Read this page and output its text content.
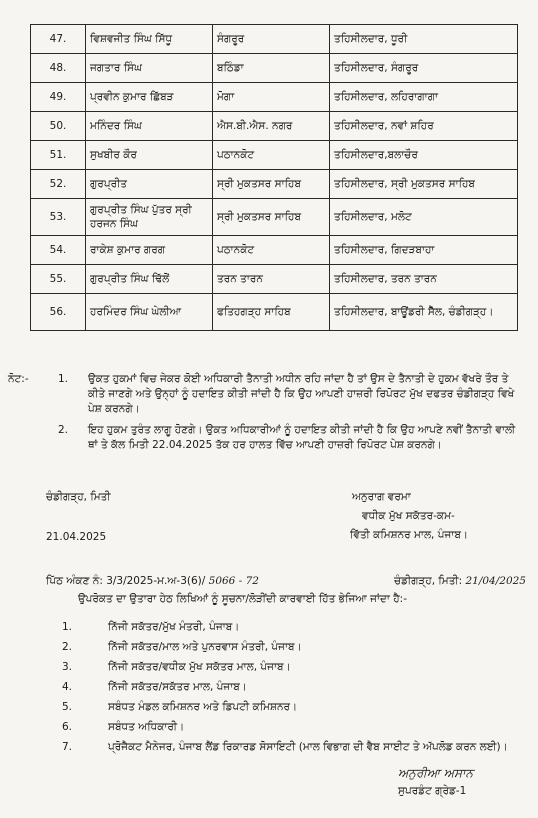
47.	ਵਿਸ਼ਵਜੀਤ ਸਿੰਘ ਸਿੱਧੂ	ਸੰਗਰੂਰ	ਤਹਿਸੀਲਦਾਰ, ਧੂਰੀ
48.	ਜਗਤਾਰ ਸਿੰਘ	ਬਠਿੰਡਾ	ਤਹਿਸੀਲਦਾਰ, ਸੰਗਰੂਰ
49.	ਪ੍ਰਵੀਨ ਕੁਮਾਰ ਛਿੱਬੜ	ਮੋਗਾ	ਤਹਿਸੀਲਦਾਰ, ਲਹਿਰਾਗਾਗਾ
50.	ਮਨਿੰਦਰ ਸਿੰਘ	ਐਸ.ਬੀ.ਐਸ. ਨਗਰ	ਤਹਿਸੀਲਦਾਰ, ਨਵਾਂ ਸ਼ਹਿਰ
51.	ਸੁਖਬੀਰ ਕੌਰ	ਪਠਾਨਕੋਟ	ਤਹਿਸੀਲਦਾਰ,ਬਲਾਚੌਰ
52.	ਗੁਰਪ੍ਰੀਤ	ਸ੍ਰੀ ਮੁਕਤਸਰ ਸਾਹਿਬ	ਤਹਿਸੀਲਦਾਰ, ਸ੍ਰੀ ਮੁਕਤਸਰ ਸਾਹਿਬ
53.	ਗੁਰਪ੍ਰੀਤ ਸਿੰਘ ਪੁੱਤਰ ਸ੍ਰੀ ਹਰਜਨ ਸਿੰਘ	ਸ੍ਰੀ ਮੁਕਤਸਰ ਸਾਹਿਬ	ਤਹਿਸੀਲਦਾਰ, ਮਲੋਟ
54.	ਰਾਕੇਸ਼ ਕੁਮਾਰ ਗਰਗ	ਪਠਾਨਕੋਟ	ਤਹਿਸੀਲਦਾਰ, ਗਿਦੜਬਾਹਾ
55.	ਗੁਰਪ੍ਰੀਤ ਸਿੰਘ ਢਿੱਲੋਂ	ਤਰਨ ਤਾਰਨ	ਤਹਿਸੀਲਦਾਰ, ਤਰਨ ਤਾਰਨ
56.	ਹਰਮਿੰਦਰ ਸਿੰਘ ਘੇਲੀਆ	ਫਤਿਹਗੜ੍ਹ ਸਾਹਿਬ	ਤਹਿਸੀਲਦਾਰ, ਬਾਊਂਡਰੀ ਸੈੱਲ, ਚੰਡੀਗੜ੍ਹ।
ਨੋਟ:-	1.	ਉਕਤ ਹੁਕਮਾਂ ਵਿਚ ਜੇਕਰ ਕੋਈ ਅਧਿਕਾਰੀ ਤੈਨਾਤੀ ਅਧੀਨ ਰਹਿ ਜਾਂਦਾ ਹੈ ਤਾਂ ਉਸ ਦੇ ਤੈਨਾਤੀ ਦੇ ਹੁਕਮ ਵੱਖਰੇ ਤੌਰ ਤੇ ਕੀਤੇ ਜਾਣਗੇ ਅਤੇ ਉਨ੍ਹਾਂ ਨੂੰ ਹਦਾਇਤ ਕੀਤੀ ਜਾਂਦੀ ਹੈ ਕਿ ਉਹ ਆਪਣੀ ਹਾਜ਼ਰੀ ਰਿਪੋਰਟ ਮੁੱਖ ਦਫਤਰ ਚੰਡੀਗੜ੍ਹ ਵਿਖੇ ਪੇਸ਼ ਕਰਨਗੇ।
2.	ਇਹ ਹੁਕਮ ਤੁਰੰਤ ਲਾਗੂ ਹੋਣਗੇ। ਉਕਤ ਅਧਿਕਾਰੀਆਂ ਨੂੰ ਹਦਾਇਤ ਕੀਤੀ ਜਾਂਦੀ ਹੈ ਕਿ ਉਹ ਆਪਣੇ ਨਵੀਂ ਤੈਨਾਤੀ ਵਾਲੀ ਥਾਂ ਤੇ ਕੱਲ ਮਿਤੀ 22.04.2025 ਤੱਕ ਹਰ ਹਾਲਤ ਵਿੱਚ ਆਪਣੀ ਹਾਜ਼ਰੀ ਰਿਪੋਰਟ ਪੇਸ਼ ਕਰਨਗੇ।
ਚੰਡੀਗੜ੍ਹ, ਮਿਤੀ
21.04.2025
ਅਨੁਰਾਗ ਵਰਮਾ
ਵਧੀਕ ਮੁੱਖ ਸਕੱਤਰ-ਕਮ-
ਵਿੱਤੀ ਕਮਿਸ਼ਨਰ ਮਾਲ, ਪੰਜਾਬ।
ਪਿੱਠ ਅੰਕਣ ਨੰ: 3/3/2025-ਮ.ਅ-3(6)/ 5066 - 72	ਚੰਡੀਗੜ੍ਹ, ਮਿਤੀ: 21/04/2025
ਉਪਰੋਕਤ ਦਾ ਉਤਾਰਾ ਹੇਠ ਲਿਖਿਆਂ ਨੂੰ ਸੂਚਨਾ/ਲੋੜੀਂਦੀ ਕਾਰਵਾਈ ਹਿੱਤ ਭੇਜਿਆ ਜਾਂਦਾ ਹੈ:-
1.	ਨਿੱਜੀ ਸਕੱਤਰ/ਮੁੱਖ ਮੰਤਰੀ, ਪੰਜਾਬ।
2.	ਨਿੱਜੀ ਸਕੱਤਰ/ਮਾਲ ਅਤੇ ਪੁਨਰਵਾਸ ਮੰਤਰੀ, ਪੰਜਾਬ।
3.	ਨਿੱਜੀ ਸਕੱਤਰ/ਵਧੀਕ ਮੁੱਖ ਸਕੱਤਰ ਮਾਲ, ਪੰਜਾਬ।
4.	ਨਿੱਜੀ ਸਕੱਤਰ/ਸਕੱਤਰ ਮਾਲ, ਪੰਜਾਬ।
5.	ਸਬੰਧਤ ਮੰਡਲ ਕਮਿਸ਼ਨਰ ਅਤੇ ਡਿਪਟੀ ਕਮਿਸ਼ਨਰ।
6.	ਸਬੰਧਤ ਅਧਿਕਾਰੀ।
7.	ਪ੍ਰੋਜੈਕਟ ਮੈਨੇਜਰ, ਪੰਜਾਬ ਲੈਂਡ ਰਿਕਾਰਡ ਸੋਸਾਇਟੀ (ਮਾਲ ਵਿਭਾਗ ਦੀ ਵੈਬ ਸਾਈਟ ਤੇ ਅੱਪਲੋਡ ਕਰਨ ਲਈ)।
ਅਨੁਰੀਆ ਅਸਾਨ
ਸੁਪਰਡੰਟ ਗ੍ਰੇਡ-1
